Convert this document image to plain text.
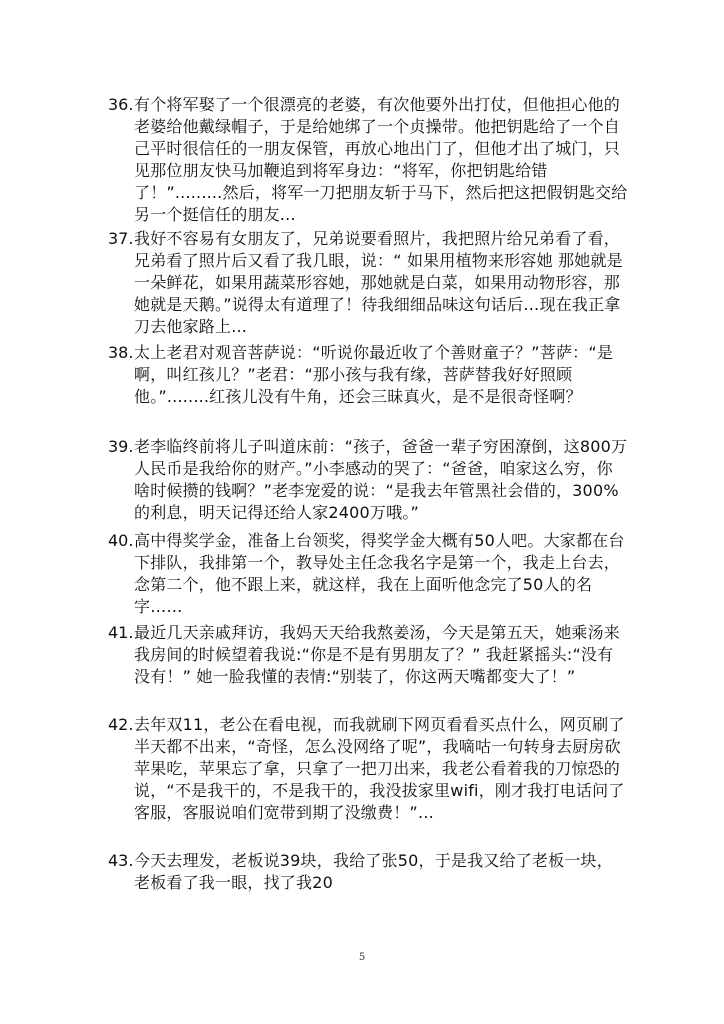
36. 有个将军娶了一个很漂亮的老婆，有次他要外出打仗，但他担心他的老婆给他戴绿帽子，于是给她绑了一个贞操带。他把钥匙给了一个自己平时很信任的一朋友保管，再放心地出门了，但他才出了城门，只见那位朋友快马加鞭追到将军身边：“将军，你把钥匙给错了！”.........然后，将军一刀把朋友斩于马下，然后把这把假钥匙交给另一个挺信任的朋友...
37. 我好不容易有女朋友了，兄弟说要看照片，我把照片给兄弟看了看，兄弟看了照片后又看了我几眼，说：“ 如果用植物来形容她 那她就是一朵鲜花，如果用蔬菜形容她，那她就是白菜，如果用动物形容，那她就是天鹅。”说得太有道理了！待我细细品味这句话后…现在我正拿刀去他家路上...
38. 太上老君对观音菩萨说：“听说你最近收了个善财童子？”菩萨：“是啊，叫红孩儿？”老君：“那小孩与我有缘，菩萨替我好好照顾他。”........红孩儿没有牛角，还会三昧真火，是不是很奇怪啊？
39. 老李临终前将儿子叫道床前：“孩子，爸爸一辈子穷困潦倒，这800万人民币是我给你的财产。”小李感动的哭了：“爸爸，咱家这么穷，你啥时候攒的钱啊？”老李宠爱的说：“是我去年管黑社会借的，300%的利息，明天记得还给人家2400万哦。”
40. 高中得奖学金，准备上台领奖，得奖学金大概有50人吧。大家都在台下排队，我排第一个，教导处主任念我名字是第一个，我走上台去，念第二个，他不跟上来，就这样，我在上面听他念完了50人的名字……
41. 最近几天亲戚拜访，我妈天天给我熬姜汤，今天是第五天，她乘汤来我房间的时候望着我说:“你是不是有男朋友了？” 我赶紧摇头:“没有没有！” 她一脸我懂的表情:“别装了，你这两天嘴都变大了！”
42. 去年双11，老公在看电视，而我就刷下网页看看买点什么，网页刷了半天都不出来，“奇怪，怎么没网络了呢”，我嘀咕一句转身去厨房砍苹果吃，苹果忘了拿，只拿了一把刀出来，我老公看着我的刀惊恐的说，“不是我干的，不是我干的，我没拔家里wifi，刚才我打电话问了客服，客服说咱们宽带到期了没缴费！”…
43. 今天去理发，老板说39块，我给了张50，于是我又给了老板一块，老板看了我一眼，找了我20
5
